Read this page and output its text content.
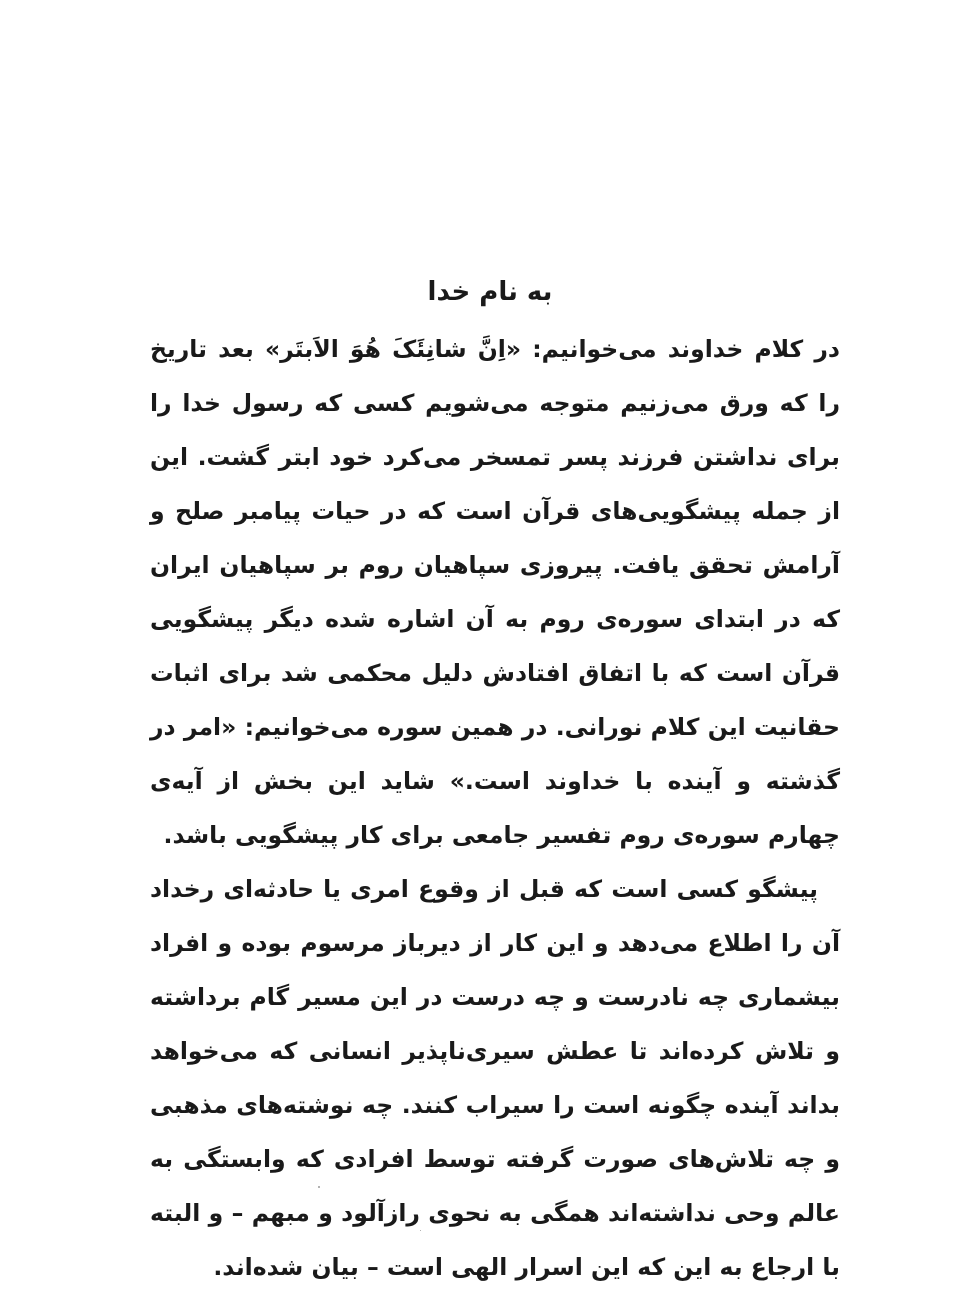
به نام خدا

در کلام خداوند می‌خوانیم: «اِنَّ شانِئَکَ هُوَ الاَبتَر» بعد تاریخ را که ورق می‌زنیم متوجه می‌شویم کسی که رسول خدا را برای نداشتن فرزند پسر تمسخر می‌کرد خود ابتر گشت. این از جمله پیشگویی‌های قرآن است که در حیات پیامبر صلح و آرامش تحقق یافت. پیروزی سپاهیان روم بر سپاهیان ایران که در ابتدای سوره‌ی روم به آن اشاره شده دیگر پیشگویی قرآن است که با اتفاق افتادش دلیل محکمی شد برای اثبات حقانیت این کلام نورانی. در همین سوره می‌خوانیم: «امر در گذشته و آینده با خداوند است.» شاید این بخش از آیه‌ی چهارم سوره‌ی روم تفسیر جامعی برای کار پیشگویی باشد.

پیشگو کسی است که قبل از وقوع امری یا حادثه‌ای رخداد آن را اطلاع می‌دهد و این کار از دیرباز مرسوم بوده و افراد بیشماری چه نادرست و چه درست در این مسیر گام برداشته و تلاش کرده‌اند تا عطش سیری‌ناپذیر انسانی که می‌خواهد بداند آینده چگونه است را سیراب کنند. چه نوشته‌های مذهبی و چه تلاش‌های صورت گرفته توسط افرادی که وابستگی به عالم وحی نداشته‌اند همگی به نحوی رازآلود و مبهم – و البته با ارجاع به این که این اسرار الهی است – بیان شده‌اند.
